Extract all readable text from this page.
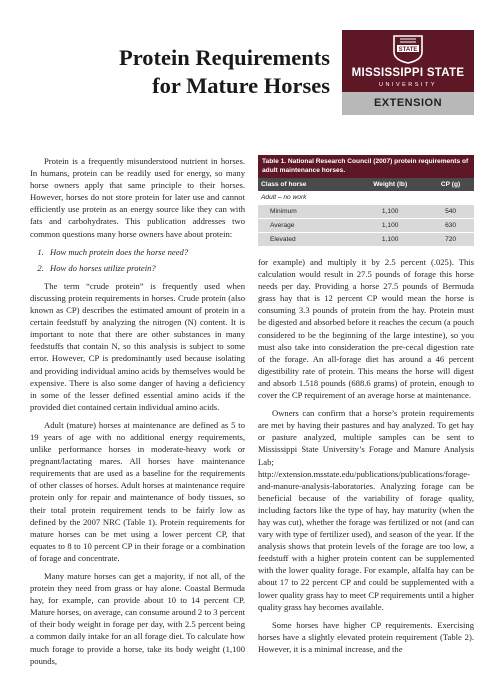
Protein Requirements
for Mature Horses
STATE
MISSISSIPPI STATE
UNIVERSITY
EXTENSION

Protein is a frequently misunderstood nutrient in horses. In humans, protein can be readily used for energy, so many horse owners apply that same principle to their horses. However, horses do not store protein for later use and cannot efficiently use protein as an energy source like they can with fats and carbohydrates. This publication addresses two common questions many horse owners have about protein:

1. How much protein does the horse need?
2. How do horses utilize protein?

The term “crude protein” is frequently used when discussing protein requirements in horses. Crude protein (also known as CP) describes the estimated amount of protein in a certain feedstuff by analyzing the nitrogen (N) content. It is important to note that there are other substances in many feedstuffs that contain N, so this analysis is subject to some error. However, CP is predominantly used because isolating and providing individual amino acids by themselves would be expensive. There is also some danger of having a deficiency in some of the lesser defined essential amino acids if the provided diet contained certain individual amino acids.

Adult (mature) horses at maintenance are defined as 5 to 19 years of age with no additional energy requirements, unlike performance horses in moderate-heavy work or pregnant/lactating mares. All horses have maintenance requirements that are used as a baseline for the requirements of other classes of horses. Adult horses at maintenance require protein only for repair and maintenance of body tissues, so their total protein requirement tends to be fairly low as defined by the 2007 NRC (Table 1). Protein requirements for mature horses can be met using a lower percent CP, that equates to 8 to 10 percent CP in their forage or a combination of forage and concentrate.

Many mature horses can get a majority, if not all, of the protein they need from grass or hay alone. Coastal Bermuda hay, for example, can provide about 10 to 14 percent CP. Mature horses, on average, can consume around 2 to 3 percent of their body weight in forage per day, with 2.5 percent being a common daily intake for an all forage diet. To calculate how much forage to provide a horse, take its body weight (1,100 pounds,

Table 1. National Research Council (2007) protein requirements of adult maintenance horses.
Class of horse	Weight (lb)	CP (g)
Adult – no work		
Minimum	1,100	540
Average	1,100	630
Elevated	1,100	720

for example) and multiply it by 2.5 percent (.025). This calculation would result in 27.5 pounds of forage this horse needs per day. Providing a horse 27.5 pounds of Bermuda grass hay that is 12 percent CP would mean the horse is consuming 3.3 pounds of protein from the hay. Protein must be digested and absorbed before it reaches the cecum (a pouch considered to be the beginning of the large intestine), so you must also take into consideration the pre-cecal digestion rate of the forage. An all-forage diet has around a 46 percent digestibility rate of protein. This means the horse will digest and absorb 1.518 pounds (688.6 grams) of protein, enough to cover the CP requirement of an average horse at maintenance.

Owners can confirm that a horse’s protein requirements are met by having their pastures and hay analyzed. To get hay or pasture analyzed, multiple samples can be sent to Mississippi State University’s Forage and Manure Analysis Lab; http://extension.msstate.edu/publications/publications/forage-and-manure-analysis-laboratories. Analyzing forage can be beneficial because of the variability of forage quality, including factors like the type of hay, hay maturity (when the hay was cut), whether the forage was fertilized or not (and can vary with type of fertilizer used), and season of the year. If the analysis shows that protein levels of the forage are too low, a feedstuff with a higher protein content can be supplemented with the lower quality forage. For example, alfalfa hay can be about 17 to 22 percent CP and could be supplemented with a lower quality grass hay to meet CP requirements until a higher quality grass hay becomes available.

Some horses have higher CP requirements. Exercising horses have a slightly elevated protein requirement (Table 2). However, it is a minimal increase, and the
